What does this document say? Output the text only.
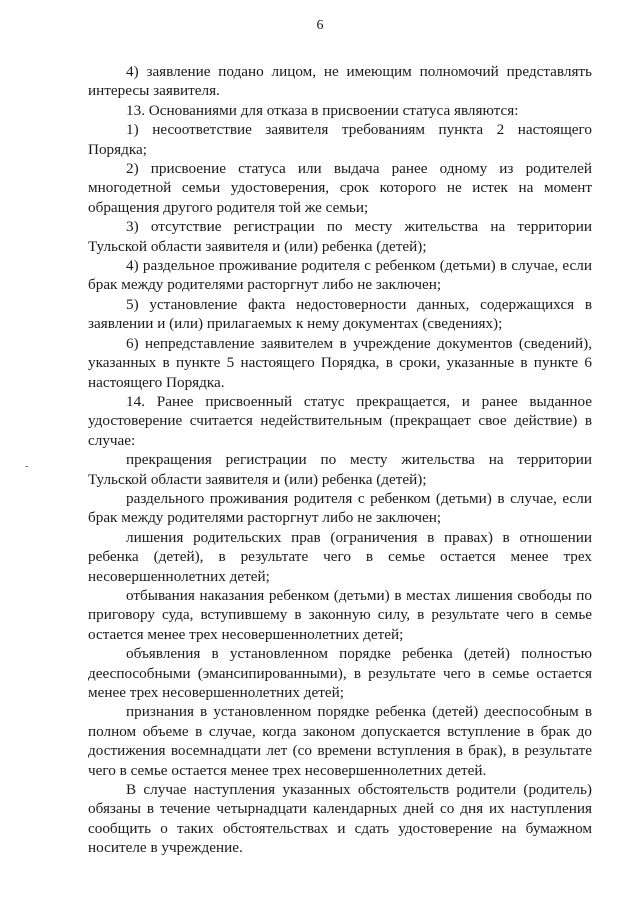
6
-

4) заявление подано лицом, не имеющим полномочий представлять интересы заявителя.

13. Основаниями для отказа в присвоении статуса являются:

1) несоответствие заявителя требованиям пункта 2 настоящего Порядка;

2) присвоение статуса или выдача ранее одному из родителей многодетной семьи удостоверения, срок которого не истек на момент обращения другого родителя той же семьи;

3) отсутствие регистрации по месту жительства на территории Тульской области заявителя и (или) ребенка (детей);

4) раздельное проживание родителя с ребенком (детьми) в случае, если брак между родителями расторгнут либо не заключен;

5) установление факта недостоверности данных, содержащихся в заявлении и (или) прилагаемых к нему документах (сведениях);

6) непредставление заявителем в учреждение документов (сведений), указанных в пункте 5 настоящего Порядка, в сроки, указанные в пункте 6 настоящего Порядка.

14. Ранее присвоенный статус прекращается, и ранее выданное удостоверение считается недействительным (прекращает свое действие) в случае:

прекращения регистрации по месту жительства на территории Тульской области заявителя и (или) ребенка (детей);

раздельного проживания родителя с ребенком (детьми) в случае, если брак между родителями расторгнут либо не заключен;

лишения родительских прав (ограничения в правах) в отношении ребенка (детей), в результате чего в семье остается менее трех несовершеннолетних детей;

отбывания наказания ребенком (детьми) в местах лишения свободы по приговору суда, вступившему в законную силу, в результате чего в семье остается менее трех несовершеннолетних детей;

объявления в установленном порядке ребенка (детей) полностью дееспособными (эмансипированными), в результате чего в семье остается менее трех несовершеннолетних детей;

признания в установленном порядке ребенка (детей) дееспособным в полном объеме в случае, когда законом допускается вступление в брак до достижения восемнадцати лет (со времени вступления в брак), в результате чего в семье остается менее трех несовершеннолетних детей.

В случае наступления указанных обстоятельств родители (родитель) обязаны в течение четырнадцати календарных дней со дня их наступления сообщить о таких обстоятельствах и сдать удостоверение на бумажном носителе в учреждение.
